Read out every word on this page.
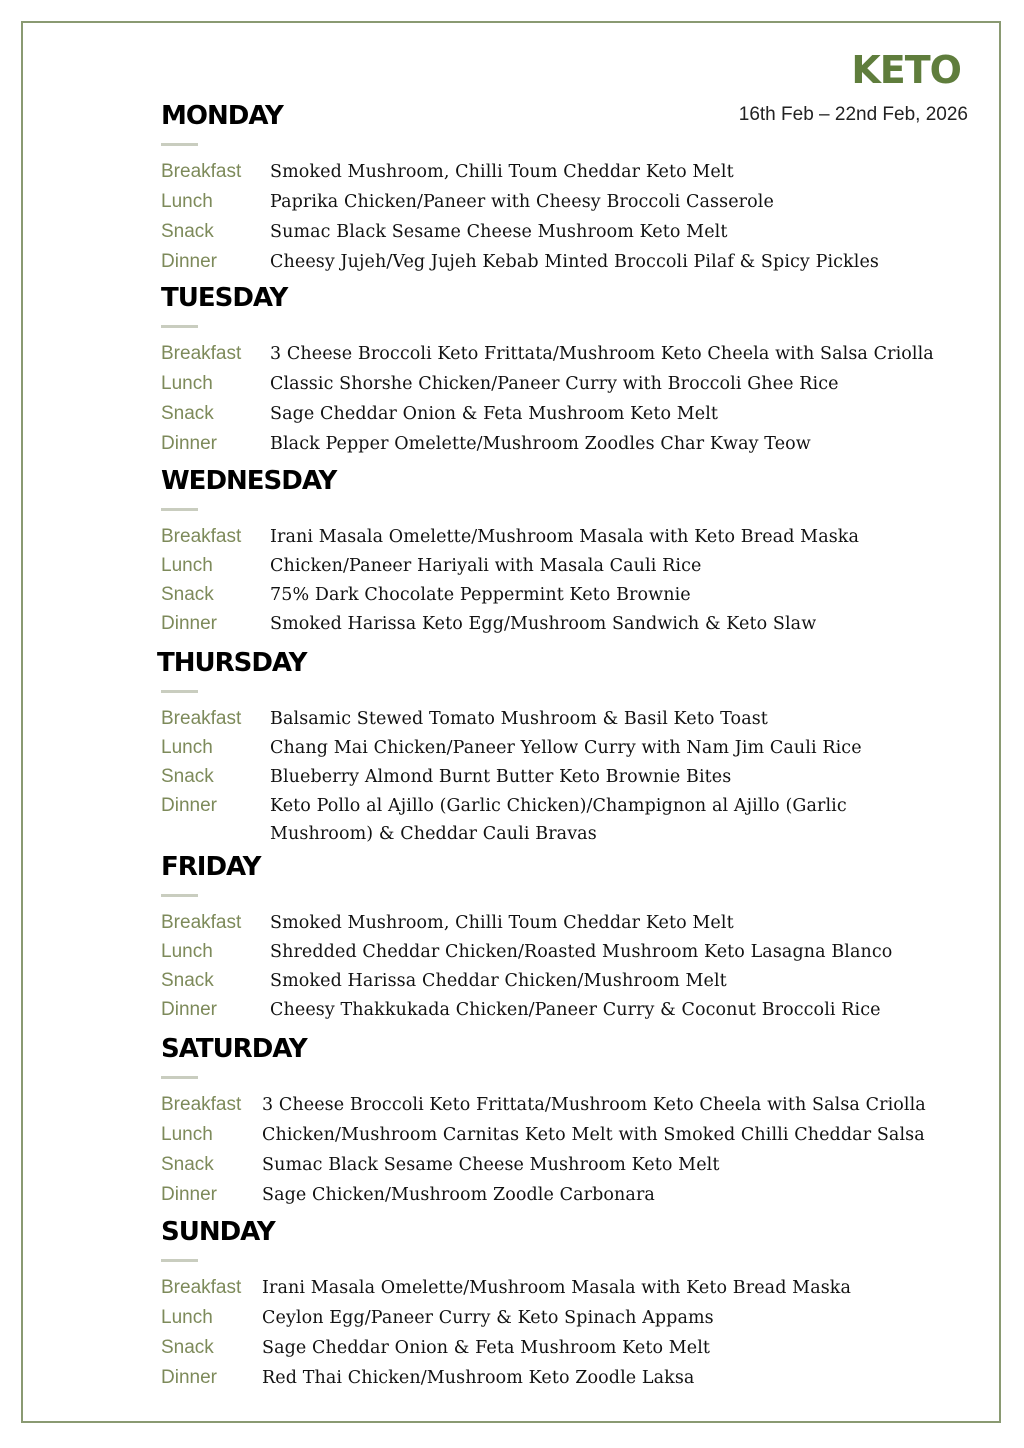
KETO
16th Feb – 22nd Feb, 2026
MONDAY
Breakfast	Smoked Mushroom, Chilli Toum Cheddar Keto Melt
Lunch	Paprika Chicken/Paneer with Cheesy Broccoli Casserole
Snack	Sumac Black Sesame Cheese Mushroom Keto Melt
Dinner	Cheesy Jujeh/Veg Jujeh Kebab Minted Broccoli Pilaf & Spicy Pickles
TUESDAY
Breakfast	3 Cheese Broccoli Keto Frittata/Mushroom Keto Cheela with Salsa Criolla
Lunch	Classic Shorshe Chicken/Paneer Curry with Broccoli Ghee Rice
Snack	Sage Cheddar Onion & Feta Mushroom Keto Melt
Dinner	Black Pepper Omelette/Mushroom Zoodles Char Kway Teow
WEDNESDAY
Breakfast	Irani Masala Omelette/Mushroom Masala with Keto Bread Maska
Lunch	Chicken/Paneer Hariyali with Masala Cauli Rice
Snack	75% Dark Chocolate Peppermint Keto Brownie
Dinner	Smoked Harissa Keto Egg/Mushroom Sandwich & Keto Slaw
THURSDAY
Breakfast	Balsamic Stewed Tomato Mushroom & Basil Keto Toast
Lunch	Chang Mai Chicken/Paneer Yellow Curry with Nam Jim Cauli Rice
Snack	Blueberry Almond Burnt Butter Keto Brownie Bites
Dinner	Keto Pollo al Ajillo (Garlic Chicken)/Champignon al Ajillo (Garlic Mushroom) & Cheddar Cauli Bravas
FRIDAY
Breakfast	Smoked Mushroom, Chilli Toum Cheddar Keto Melt
Lunch	Shredded Cheddar Chicken/Roasted Mushroom Keto Lasagna Blanco
Snack	Smoked Harissa Cheddar Chicken/Mushroom Melt
Dinner	Cheesy Thakkukada Chicken/Paneer Curry & Coconut Broccoli Rice
SATURDAY
Breakfast	3 Cheese Broccoli Keto Frittata/Mushroom Keto Cheela with Salsa Criolla
Lunch	Chicken/Mushroom Carnitas Keto Melt with Smoked Chilli Cheddar Salsa
Snack	Sumac Black Sesame Cheese Mushroom Keto Melt
Dinner	Sage Chicken/Mushroom Zoodle Carbonara
SUNDAY
Breakfast	Irani Masala Omelette/Mushroom Masala with Keto Bread Maska
Lunch	Ceylon Egg/Paneer Curry & Keto Spinach Appams
Snack	Sage Cheddar Onion & Feta Mushroom Keto Melt
Dinner	Red Thai Chicken/Mushroom Keto Zoodle Laksa
